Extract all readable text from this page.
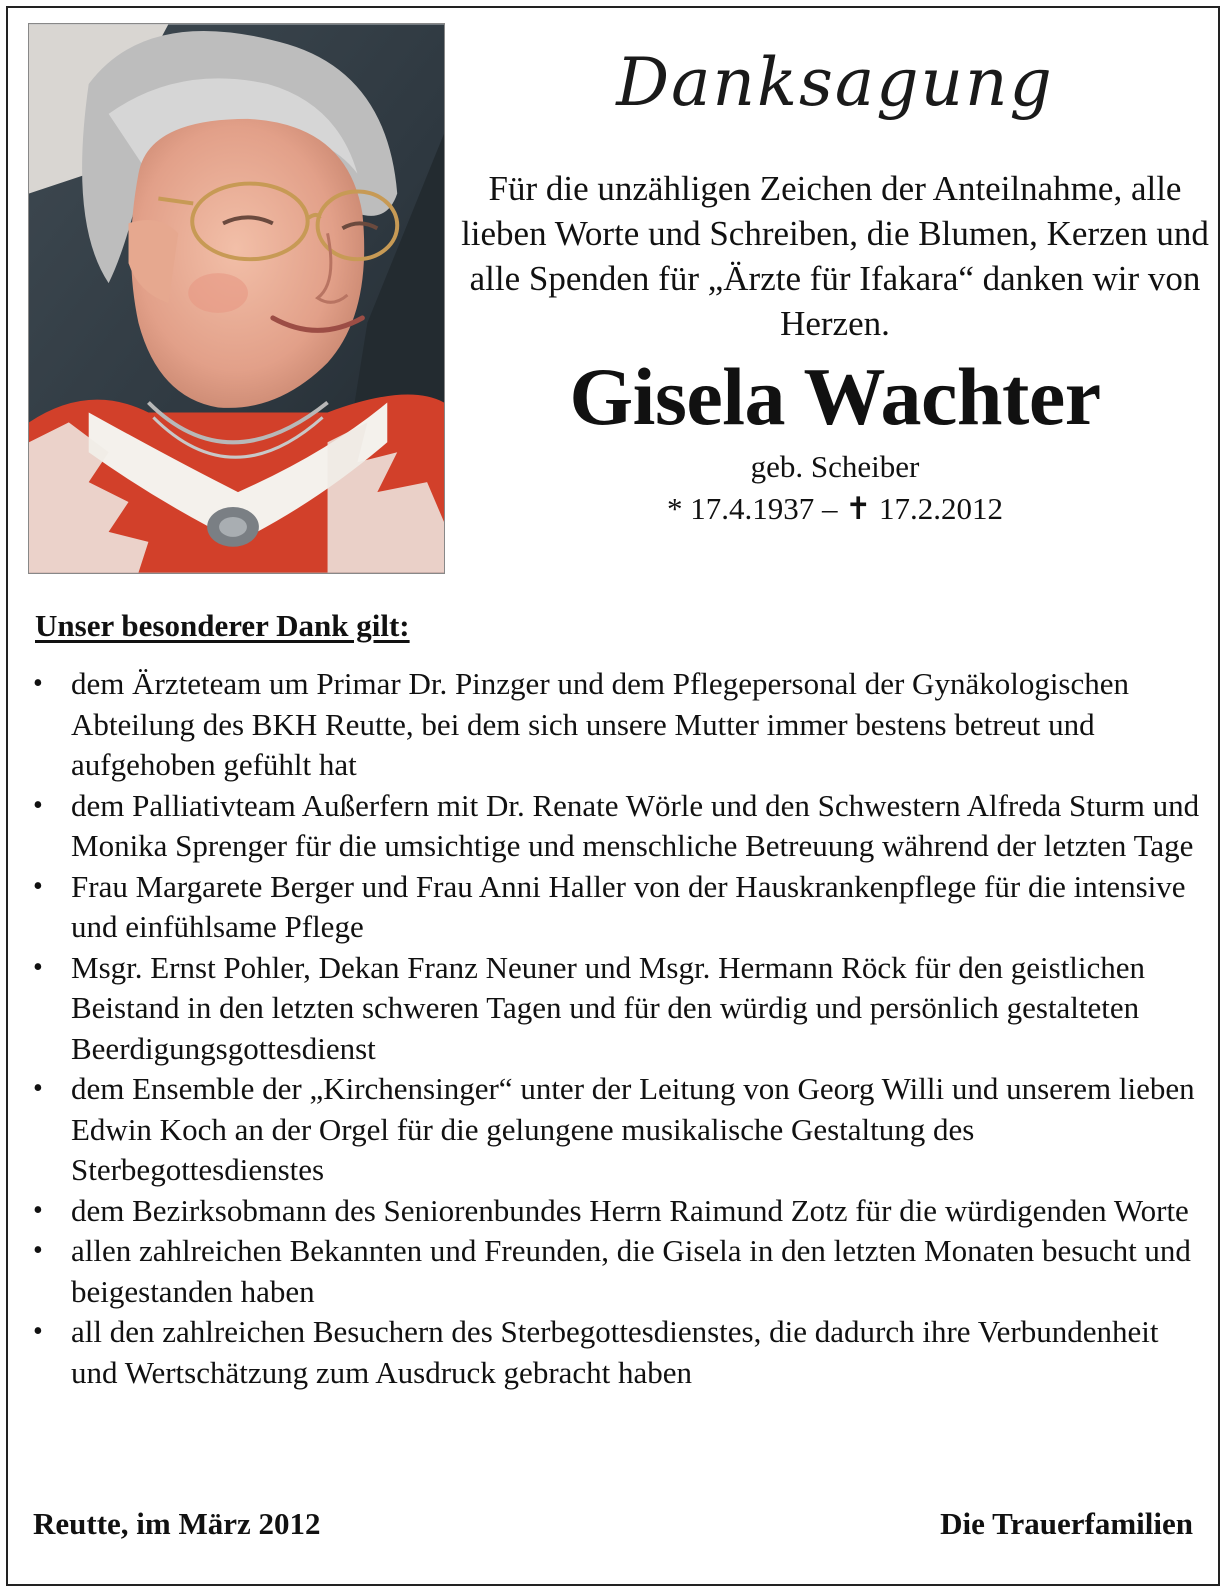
Danksagung
Für die unzähligen Zeichen der Anteilnahme, alle lieben Worte und Schreiben, die Blumen, Kerzen und alle Spenden für „Ärzte für Ifakara“ danken wir von Herzen.
Gisela Wachter
geb. Scheiber
* 17.4.1937 – ✝ 17.2.2012
Unser besonderer Dank gilt:
• dem Ärzteteam um Primar Dr. Pinzger und dem Pflegepersonal der Gynäkologischen Abteilung des BKH Reutte, bei dem sich unsere Mutter immer bestens betreut und aufgehoben gefühlt hat
• dem Palliativteam Außerfern mit Dr. Renate Wörle und den Schwestern Alfreda Sturm und Monika Sprenger für die umsichtige und menschliche Betreuung während der letzten Tage
• Frau Margarete Berger und Frau Anni Haller von der Hauskrankenpflege für die intensive und einfühlsame Pflege
• Msgr. Ernst Pohler, Dekan Franz Neuner und Msgr. Hermann Röck für den geistlichen Beistand in den letzten schweren Tagen und für den würdig und persönlich gestalteten Beerdigungsgottesdienst
• dem Ensemble der „Kirchensinger“ unter der Leitung von Georg Willi und unserem lieben Edwin Koch an der Orgel für die gelungene musikalische Gestaltung des Sterbegottesdienstes
• dem Bezirksobmann des Seniorenbundes Herrn Raimund Zotz für die würdigenden Worte
• allen zahlreichen Bekannten und Freunden, die Gisela in den letzten Monaten besucht und beigestanden haben
• all den zahlreichen Besuchern des Sterbegottesdienstes, die dadurch ihre Verbundenheit und Wertschätzung zum Ausdruck gebracht haben
Reutte, im März 2012	Die Trauerfamilien
